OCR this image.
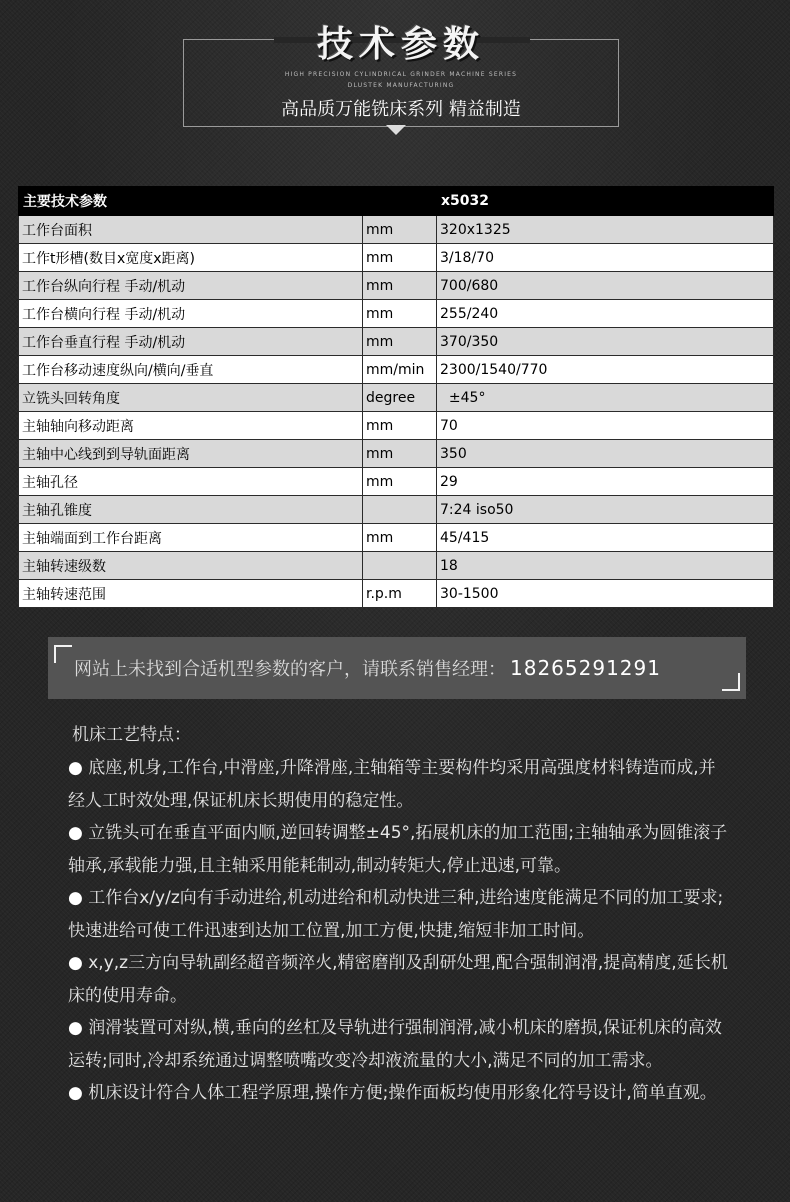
技术参数
HIGH PRECISION CYLINDRICAL GRINDER MACHINE SERIES
DLUSTEK MANUFACTURING
高品质万能铣床系列 精益制造
主要技术参数		x5032
工作台面积	mm	320x1325
工作t形槽(数目x宽度x距离)	mm	3/18/70
工作台纵向行程 手动/机动	mm	700/680
工作台横向行程 手动/机动	mm	255/240
工作台垂直行程 手动/机动	mm	370/350
工作台移动速度纵向/横向/垂直	mm/min	2300/1540/770
立铣头回转角度	degree	±45°
主轴轴向移动距离	mm	70
主轴中心线到到导轨面距离	mm	350
主轴孔径	mm	29
主轴孔锥度		7:24 iso50
主轴端面到工作台距离	mm	45/415
主轴转速级数		18
主轴转速范围	r.p.m	30-1500
网站上未找到合适机型参数的客户，请联系销售经理： 18265291291
机床工艺特点：

● 底座,机身,工作台,中滑座,升降滑座,主轴箱等主要构件均采用高强度材料铸造而成,并经人工时效处理,保证机床长期使用的稳定性。

● 立铣头可在垂直平面内顺,逆回转调整±45°,拓展机床的加工范围;主轴轴承为圆锥滚子轴承,承载能力强,且主轴采用能耗制动,制动转矩大,停止迅速,可靠。

● 工作台x/y/z向有手动进给,机动进给和机动快进三种,进给速度能满足不同的加工要求;快速进给可使工件迅速到达加工位置,加工方便,快捷,缩短非加工时间。

● x,y,z三方向导轨副经超音频淬火,精密磨削及刮研处理,配合强制润滑,提高精度,延长机床的使用寿命。

● 润滑装置可对纵,横,垂向的丝杠及导轨进行强制润滑,减小机床的磨损,保证机床的高效运转;同时,冷却系统通过调整喷嘴改变冷却液流量的大小,满足不同的加工需求。

● 机床设计符合人体工程学原理,操作方便;操作面板均使用形象化符号设计,简单直观。
